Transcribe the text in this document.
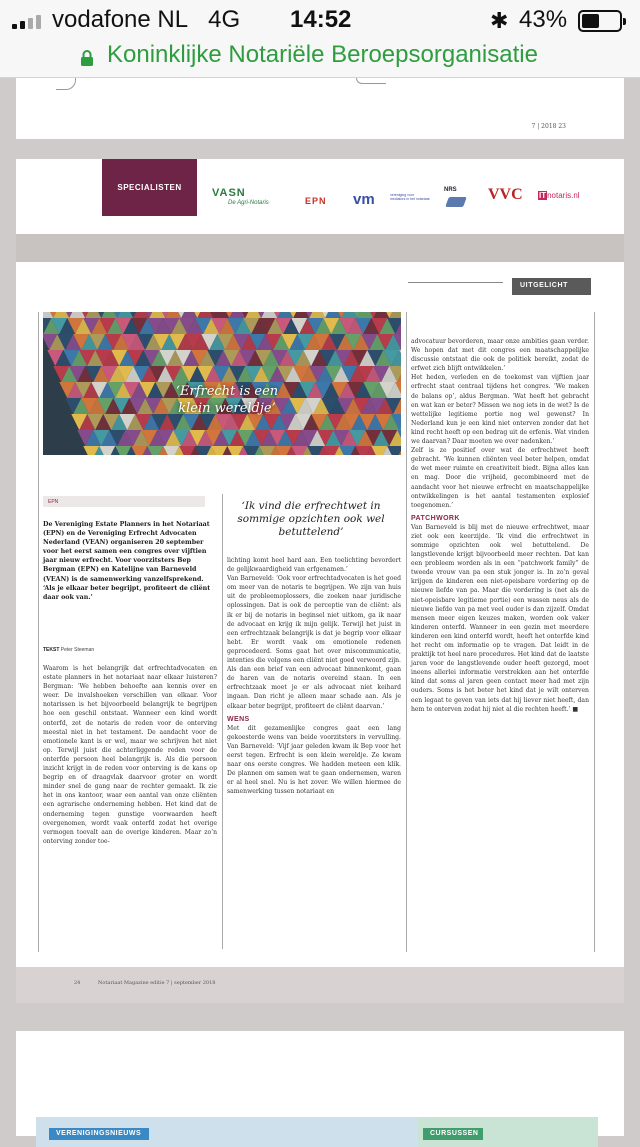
vodafone NL 4G 14:52	✱ 43%
Koninklijke Notariële Beroepsorganisatie
7 | 2018 23
SPECIALISTEN	VASN
De Agri-Notaris	EPN vm	vereniging voor mediators in het notariaat
NRS	VVC ITnotaris.nl
UITGELICHT
‘Erfrecht is een klein wereldje’
EPN
De Vereniging Estate Planners in het Notariaat (EPN) en de Vereniging Erfrecht Advocaten Nederland (VEAN) organiseren 20 september voor het eerst samen een congres over vijftien jaar nieuw erfrecht. Voor voorzitsters Bep Bergman (EPN) en Katelijne van Barneveld (VEAN) is de samenwerking vanzelfsprekend. ‘Als je elkaar beter begrijpt, profiteert de cliënt daar ook van.’
TEKST Peter Steeman
Waarom is het belangrijk dat erfrechtadvocaten en estate planners in het notariaat naar elkaar luisteren? Bergman: ‘We hebben behoefte aan kennis over en weer. De invalshoeken verschillen van elkaar. Voor notarissen is het bijvoorbeeld belangrijk te begrijpen hoe een geschil ontstaat. Wanneer een kind wordt onterfd, zet de notaris de reden voor de onterving meestal niet in het testament. De aandacht voor de emotionele kant is er wel, maar we schrijven het niet op. Terwijl juist die achterliggende reden voor de onterfde persoon heel belangrijk is. Als die persoon inzicht krijgt in de reden voor onterving is de kans op begrip en of draagvlak daarvoor groter en wordt minder snel de gang naar de rechter gemaakt. Ik zie het in ons kantoor, waar een aantal van onze cliënten een agrarische onderneming hebben. Het kind dat de onderneming tegen gunstige voorwaarden heeft overgenomen, wordt vaak onterfd zodat het overige vermogen toevalt aan de overige kinderen. Maar zo’n onterving zonder toe-
‘Ik vind die erfrechtwet in sommige opzichten ook wel betuttelend’
lichting komt heel hard aan. Een toelichting bevordert de gelijkwaardigheid van erfgenamen.’
Van Barneveld: ‘Ook voor erfrechtadvocaten is het goed om meer van de notaris te begrijpen. We zijn van huis uit de probleemoplossers, die zoeken naar juridische oplossingen. Dat is ook de perceptie van de cliënt: als ik er bij de notaris in beginsel niet uitkom, ga ik naar de advocaat en krijg ik mijn gelijk. Terwijl het juist in een erfrechtzaak belangrijk is dat je begrip voor elkaar hebt. Er wordt vaak om emotionele redenen geprocedeerd. Soms gaat het over miscommunicatie, intenties die volgens een cliënt niet goed verwoord zijn. Als dan een brief van een advocaat binnenkomt, gaan de haren van de notaris overeind staan. In een erfrechtzaak moet je er als advocaat niet keihard ingaan. Dan richt je alleen maar schade aan. Als je elkaar beter begrijpt, profiteert de cliënt daarvan.’
WENS
Met dit gezamenlijke congres gaat een lang gekoesterde wens van beide voorzitsters in vervulling. Van Barneveld: ‘Vijf jaar geleden kwam ik Bep voor het eerst tegen. Erfrecht is een klein wereldje. Ze kwam naar ons eerste congres. We hadden meteen een klik. De plannen om samen wat te gaan ondernemen, waren er al heel snel. Nu is het zover. We willen hiermee de samenwerking tussen notariaat en
advocatuur bevorderen, maar onze ambities gaan verder. We hopen dat met dit congres een maatschappelijke discussie ontstaat die ook de politiek bereikt, zodat de erfwet zich blijft ontwikkelen.’
Het heden, verleden en de toekomst van vijftien jaar erfrecht staat centraal tijdens het congres. ‘We maken de balans op’, aldus Bergman. ‘Wat heeft het gebracht en wat kan er beter? Missen we nog iets in de wet? Is de wettelijke legitieme portie nog wel gewenst? In Nederland kun je een kind niet onterven zonder dat het kind recht heeft op een bedrag uit de erfenis. Wat vinden we daarvan? Daar moeten we over nadenken.’
Zelf is ze positief over wat de erfrechtwet heeft gebracht. ‘We kunnen cliënten veel beter helpen, omdat de wet meer ruimte en creativiteit biedt. Bijna alles kan en mag. Door die vrijheid, gecombineerd met de aandacht voor het nieuwe erfrecht en maatschappelijke ontwikkelingen is het aantal testamenten explosief toegenomen.’
PATCHWORK
Van Barneveld is blij met de nieuwe erfrechtwet, maar ziet ook een keerzijde. ‘Ik vind die erfrechtwet in sommige opzichten ook wel betuttelend. De langstlevende krijgt bijvoorbeeld meer rechten. Dat kan een probleem worden als in een “patchwork family” de tweede vrouw van pa een stuk jonger is. In zo’n geval krijgen de kinderen een niet-opeisbare vordering op de nieuwe liefde van pa. Maar die vordering is (net als de niet-opeisbare legitieme portie) een wassen neus als de nieuwe liefde van pa met veel ouder is dan zijzelf. Omdat mensen meer eigen keuzes maken, worden ook vaker kinderen onterfd. Wanneer in een gezin met meerdere kinderen een kind onterfd wordt, heeft het onterfde kind het recht om informatie op te vragen. Dat leidt in de praktijk tot heel nare procedures. Het kind dat de laatste jaren voor de langstlevende ouder heeft gezorgd, moet ineens allerlei informatie verstrekken aan het onterfde kind dat soms al jaren geen contact meer had met zijn ouders. Soms is het beter het kind dat je wilt onterven een legaat te geven van iets dat hij liever niet heeft, dan hem te onterven zodat hij niet al die rechten heeft.’ ■
24	Notariaat Magazine editie 7 | september 2018
VERENIGINGSNIEUWS	CURSUSSEN
